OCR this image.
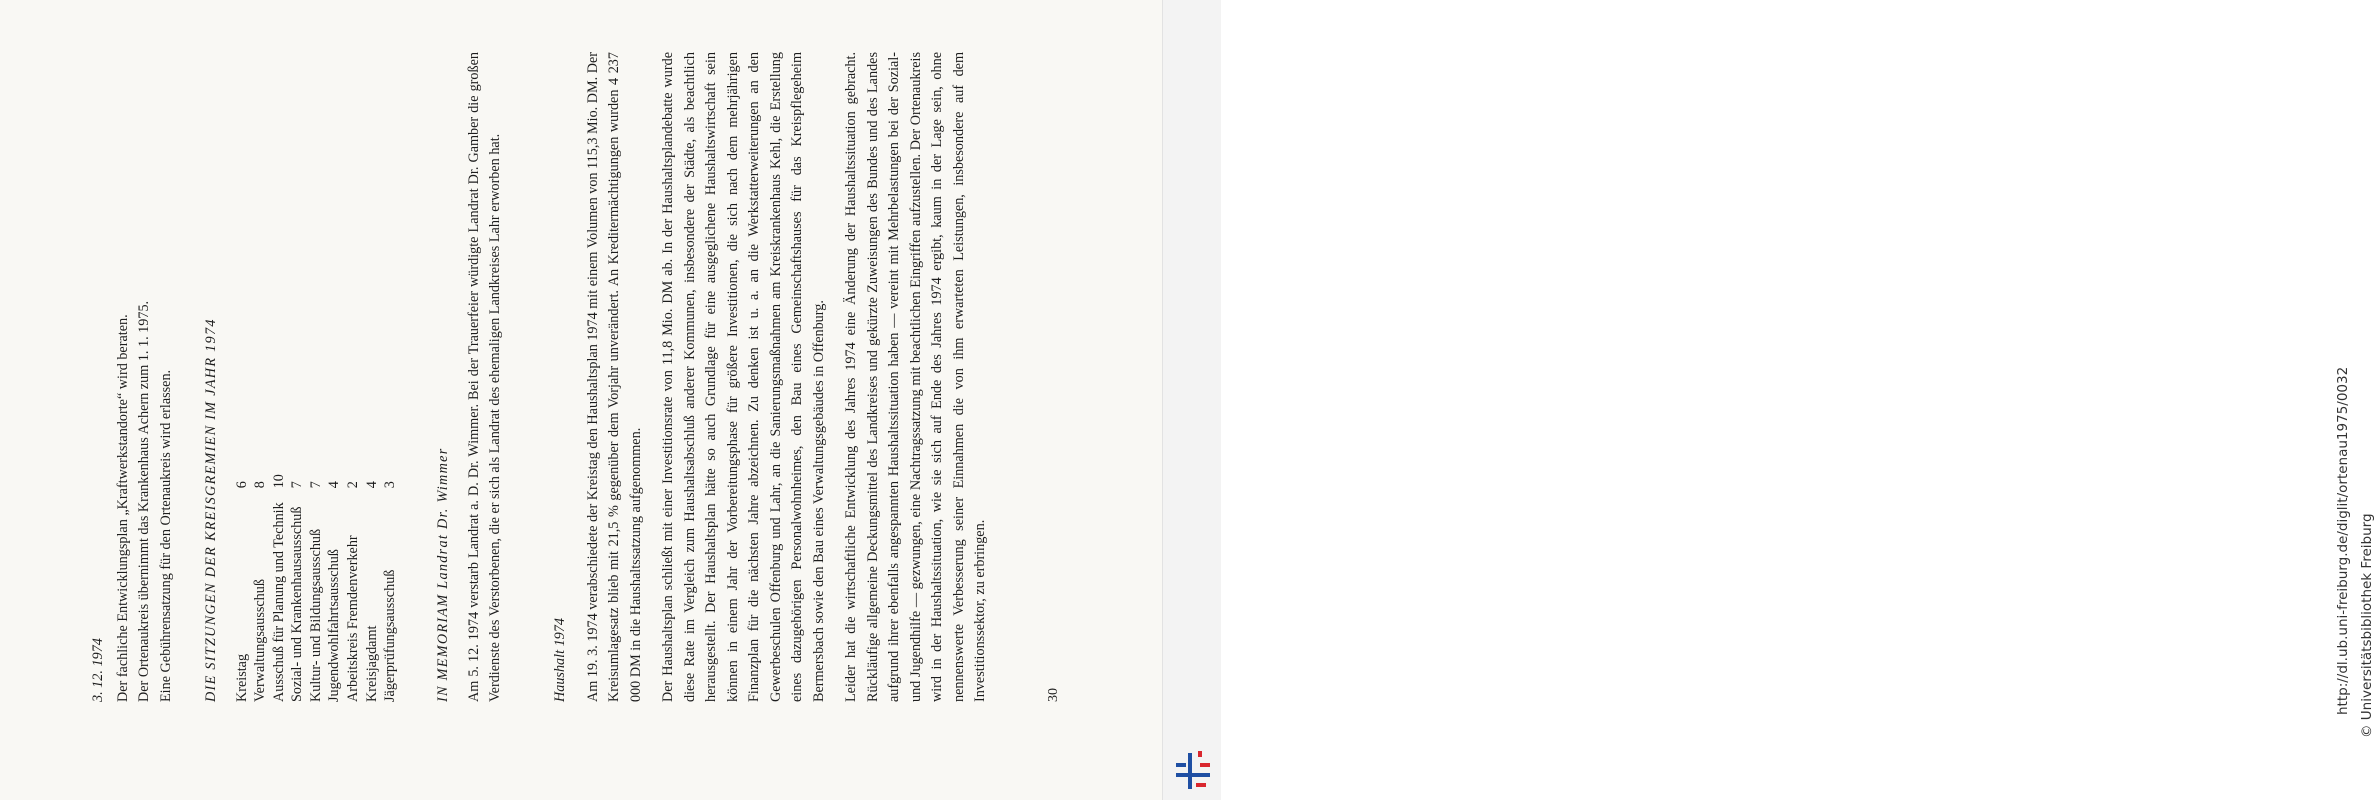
3. 12. 1974 Der fachliche Entwicklungsplan „Kraftwerkstandorte“ wird beraten. Der Ortenaukreis übernimmt das Krankenhaus Achern zum 1. 1. 1975. Eine Gebührensatzung für den Ortenaukreis wird erlassen. DIE SITZUNGEN DER KREISGREMIEN IM JAHR 1974 Kreistag	6
Verwaltungsausschuß	8
Ausschuß für Planung und Technik	10
Sozial- und Krankenhausausschuß	7
Kultur- und Bildungsausschuß	7
Jugendwohlfahrtsausschuß	4
Arbeitskreis Fremdenverkehr	2
Kreisjagdamt	4
Jägerprüfungsausschuß	3	IN MEMORIAM Landrat Dr. Wimmer Am 5. 12. 1974 verstarb Landrat a. D. Dr. Wimmer. Bei der Trauerfeier würdigte Landrat Dr. Gamber die großen Verdienste des Verstorbenen, die er sich als Landrat des ehemaligen Landkreises Lahr erworben hat.	Haushalt 1974 Am 19. 3. 1974 verabschiedete der Kreistag den Haushaltsplan 1974 mit einem Volumen von 115,3 Mio. DM. Der Kreisumlagesatz blieb mit 21,5 % gegenüber dem Vorjahr unverändert. An Kreditermächtigungen wurden 4 237 000 DM in die Haushaltssatzung aufgenommen. Der Haushaltsplan schließt mit einer Investitionsrate von 11,8 Mio. DM ab. In der Haushaltsplandebatte wurde diese Rate im Vergleich zum Haushaltsabschluß anderer Kommunen, insbesondere der Städte, als beachtlich herausgestellt. Der Haushaltsplan hätte so auch Grundlage für eine ausgeglichene Haushaltswirtschaft sein können in einem Jahr der Vorbereitungsphase für größere Investitionen, die sich nach dem mehrjährigen Finanzplan für die nächsten Jahre abzeichnen. Zu denken ist u. a. an die Werkstatterweiterungen an den Gewerbeschulen Offenburg und Lahr, an die Sanierungsmaßnahmen am Kreiskrankenhaus Kehl, die Erstellung eines dazugehörigen Personalwohnheimes, den Bau eines Gemeinschaftshauses für das Kreispflegeheim Bermersbach sowie den Bau eines Verwaltungsgebäudes in Offenburg. Leider hat die wirtschaftliche Entwicklung des Jahres 1974 eine Änderung der Haushaltssituation gebracht. Rückläufige allgemeine Deckungsmittel des Landkreises und gekürzte Zuweisungen des Bundes und des Landes aufgrund ihrer ebenfalls angespannten Haushaltssituation haben — vereint mit Mehrbelastungen bei der Sozial- und Jugendhilfe — gezwungen, eine Nachtragssatzung mit beachtlichen Eingriffen aufzustellen. Der Ortenaukreis wird in der Haushaltssituation, wie sie sich auf Ende des Jahres 1974 ergibt, kaum in der Lage sein, ohne nennenswerte Verbesserung seiner Einnahmen die von ihm erwarteten Leistungen, insbesondere auf dem Investitionssektor, zu erbringen.	30	http://dl.ub.uni-freiburg.de/diglit/ortenau1975/0032 © Universitätsbibliothek Freiburg
